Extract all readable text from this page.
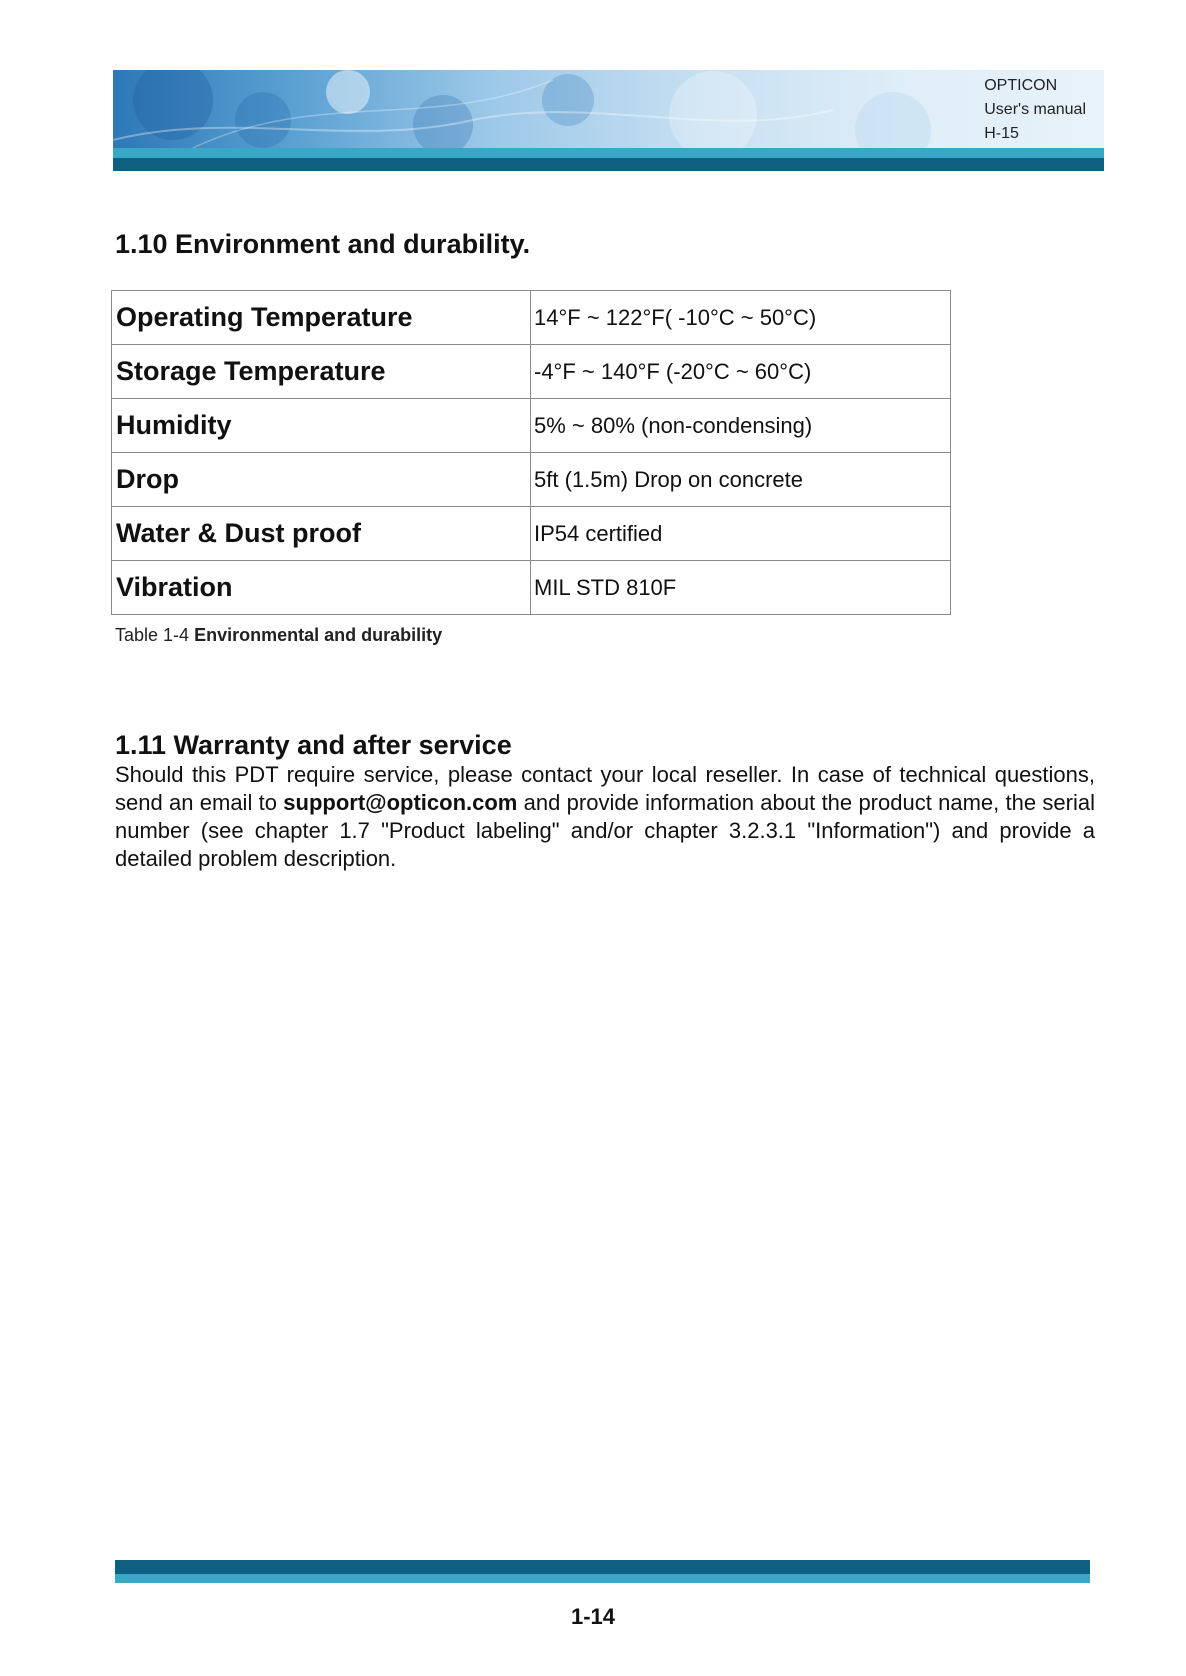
OPTICON
User's manual
H-15
1.10 Environment and durability.
Operating Temperature	14°F ~ 122°F( -10°C ~ 50°C)
Storage Temperature	-4°F ~ 140°F (-20°C ~ 60°C)
Humidity	5% ~ 80% (non-condensing)
Drop	5ft (1.5m) Drop on concrete
Water & Dust proof	IP54 certified
Vibration	MIL STD 810F
Table 1-4 Environmental and durability
1.11 Warranty and after service
Should this PDT require service, please contact your local reseller. In case of technical questions, send an email to support@opticon.com and provide information about the product name, the serial number (see chapter 1.7 "Product labeling" and/or chapter 3.2.3.1 "Information") and provide a detailed problem description.
1-14
